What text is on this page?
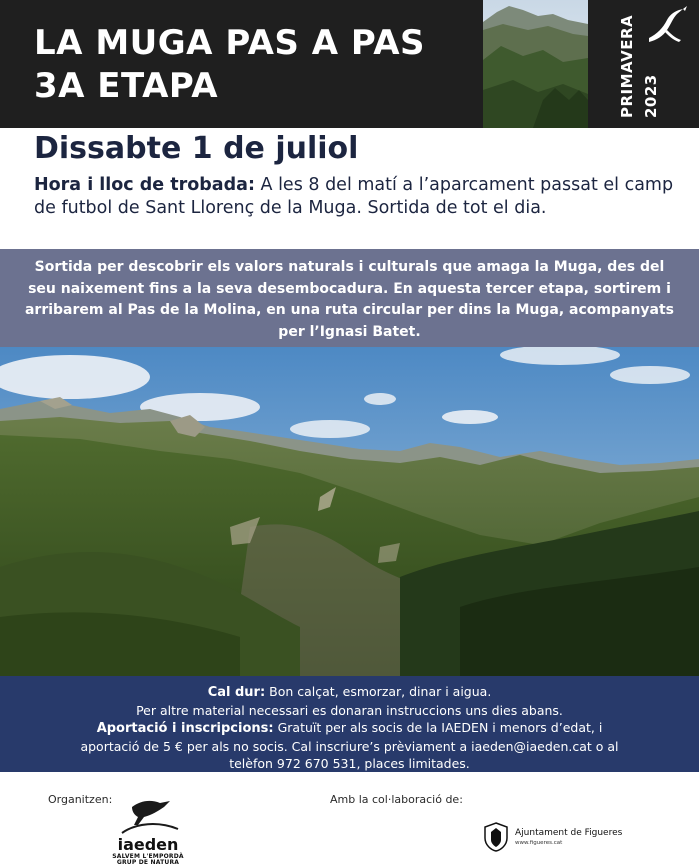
LA MUGA PAS A PAS
3A ETAPA	PRIMAVERA 2023
Dissabte 1 de juliol
Hora i lloc de trobada: A les 8 del matí a l’aparcament passat el camp de futbol de Sant Llorenç de la Muga. Sortida de tot el dia.
Sortida per descobrir els valors naturals i culturals que amaga la Muga, des del seu naixement fins a la seva desembocadura. En aquesta tercer etapa, sortirem i arribarem al Pas de la Molina, en una ruta circular per dins la Muga, acompanyats per l’Ignasi Batet.
Cal dur: Bon calçat, esmorzar, dinar i aigua.
Per altre material necessari es donaran instruccions uns dies abans.
Aportació i inscripcions: Gratuït per als socis de la IAEDEN i menors d’edat, i aportació de 5 € per als no socis. Cal inscriure’s prèviament a iaeden@iaeden.cat o al telèfon 972 670 531, places limitades.
Organitzen:	Amb la col·laboració de:
iaeden
SALVEM L'EMPORDÀ
GRUP DE NATURA
Ajuntament de Figueres
www.figueres.cat
